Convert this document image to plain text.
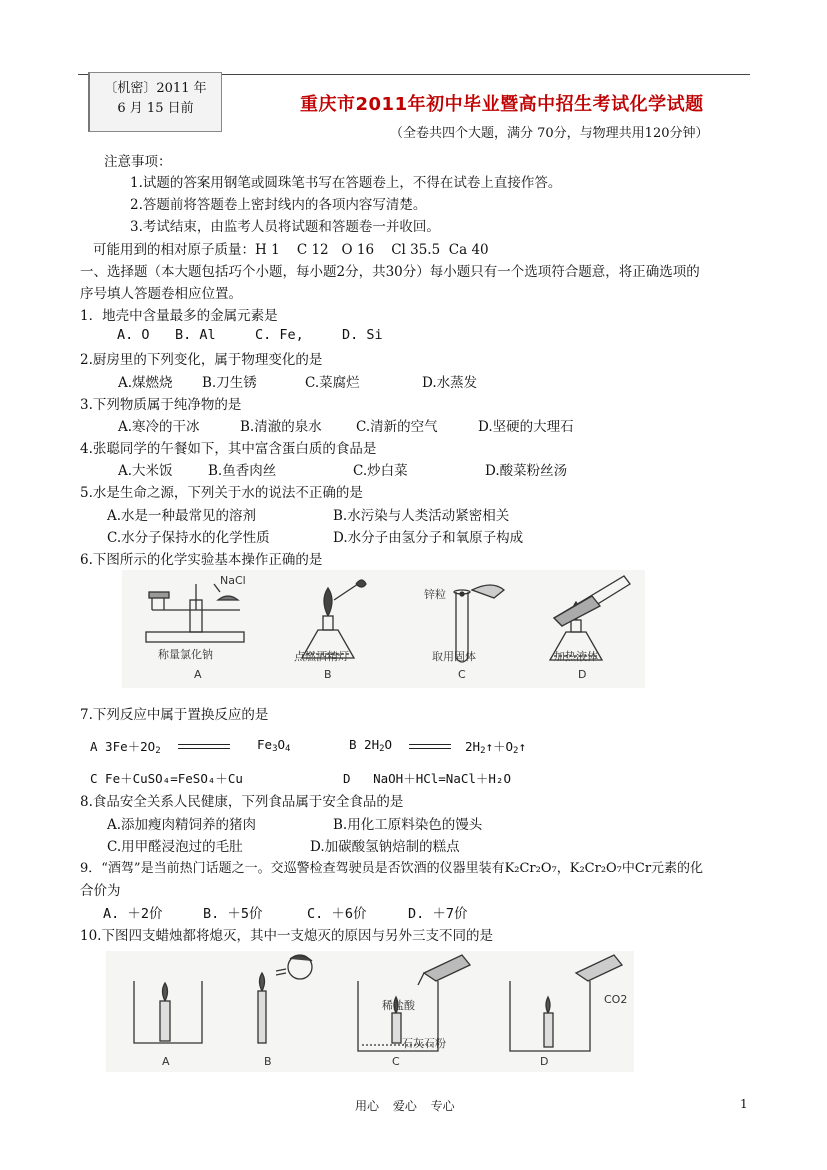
〔机密〕2011 年
6 月 15 日前	重庆市2011年初中毕业暨高中招生考试化学试题
（全卷共四个大题，满分 70分，与物理共用120分钟）
注意事项：
1.试题的答案用钢笔或圆珠笔书写在答题卷上，不得在试卷上直接作答。
2.答题前将答题卷上密封线内的各项内容写清楚。
3.考试结束，由监考人员将试题和答题卷一并收回。
可能用到的相对原子质量：H 1    C 12   O 16    Cl 35.5  Ca 40
一、选择题（本大题包括巧个小题，每小题2分，共30分）每小题只有一个选项符合题意，将正确选项的
序号填人答题卷相应位置。
1．地壳中含量最多的金属元素是
A. O B. Al	C. Fe,	D. Si
2.厨房里的下列变化，属于物理变化的是
A.煤燃烧 B.刀生锈	C.菜腐烂	D.水蒸发
3.下列物质属于纯净物的是
A.寒冷的干冰	B.清澈的泉水	C.清新的空气	D.坚硬的大理石
4.张聪同学的午餐如下，其中富含蛋白质的食品是
A.大米饭	B.鱼香肉丝	C.炒白菜	D.酸菜粉丝汤
5.水是生命之源，下列关于水的说法不正确的是
A.水是一种最常见的溶剂	B.水污染与人类活动紧密相关
C.水分子保持水的化学性质	D.水分子由氢分子和氧原子构成
6.下图所示的化学实验基本操作正确的是
NaCl
锌粒
称量氯化钠	点燃酒精灯	取用固体	加热液体
A	B	C	D
7.下列反应中属于置换反应的是
A $3Fe+2O_2$	$Fe_3O_4$	B $2H_2O$	$2H_2↑+O_2↑$
C Fe＋CuSO₄=FeSO₄＋Cu	D   NaOH＋HCl=NaCl＋H₂O
8.食品安全关系人民健康，下列食品属于安全食品的是
A.添加瘦肉精饲养的猪肉	B.用化工原料染色的馒头
C.用甲醛浸泡过的毛肚	D.加碳酸氢钠焙制的糕点
9．“酒驾”是当前热门话题之一。交巡警检查驾驶员是否饮酒的仪器里装有K₂Cr₂O₇，K₂Cr₂O₇中Cr元素的化
合价为
A. ＋2价	B. ＋5价	C. ＋6价	D. ＋7价
10.下图四支蜡烛都将熄灭，其中一支熄灭的原因与另外三支不同的是
稀盐酸
石灰石粉
CO2
A	B	C	D
用心 爱心 专心	1
